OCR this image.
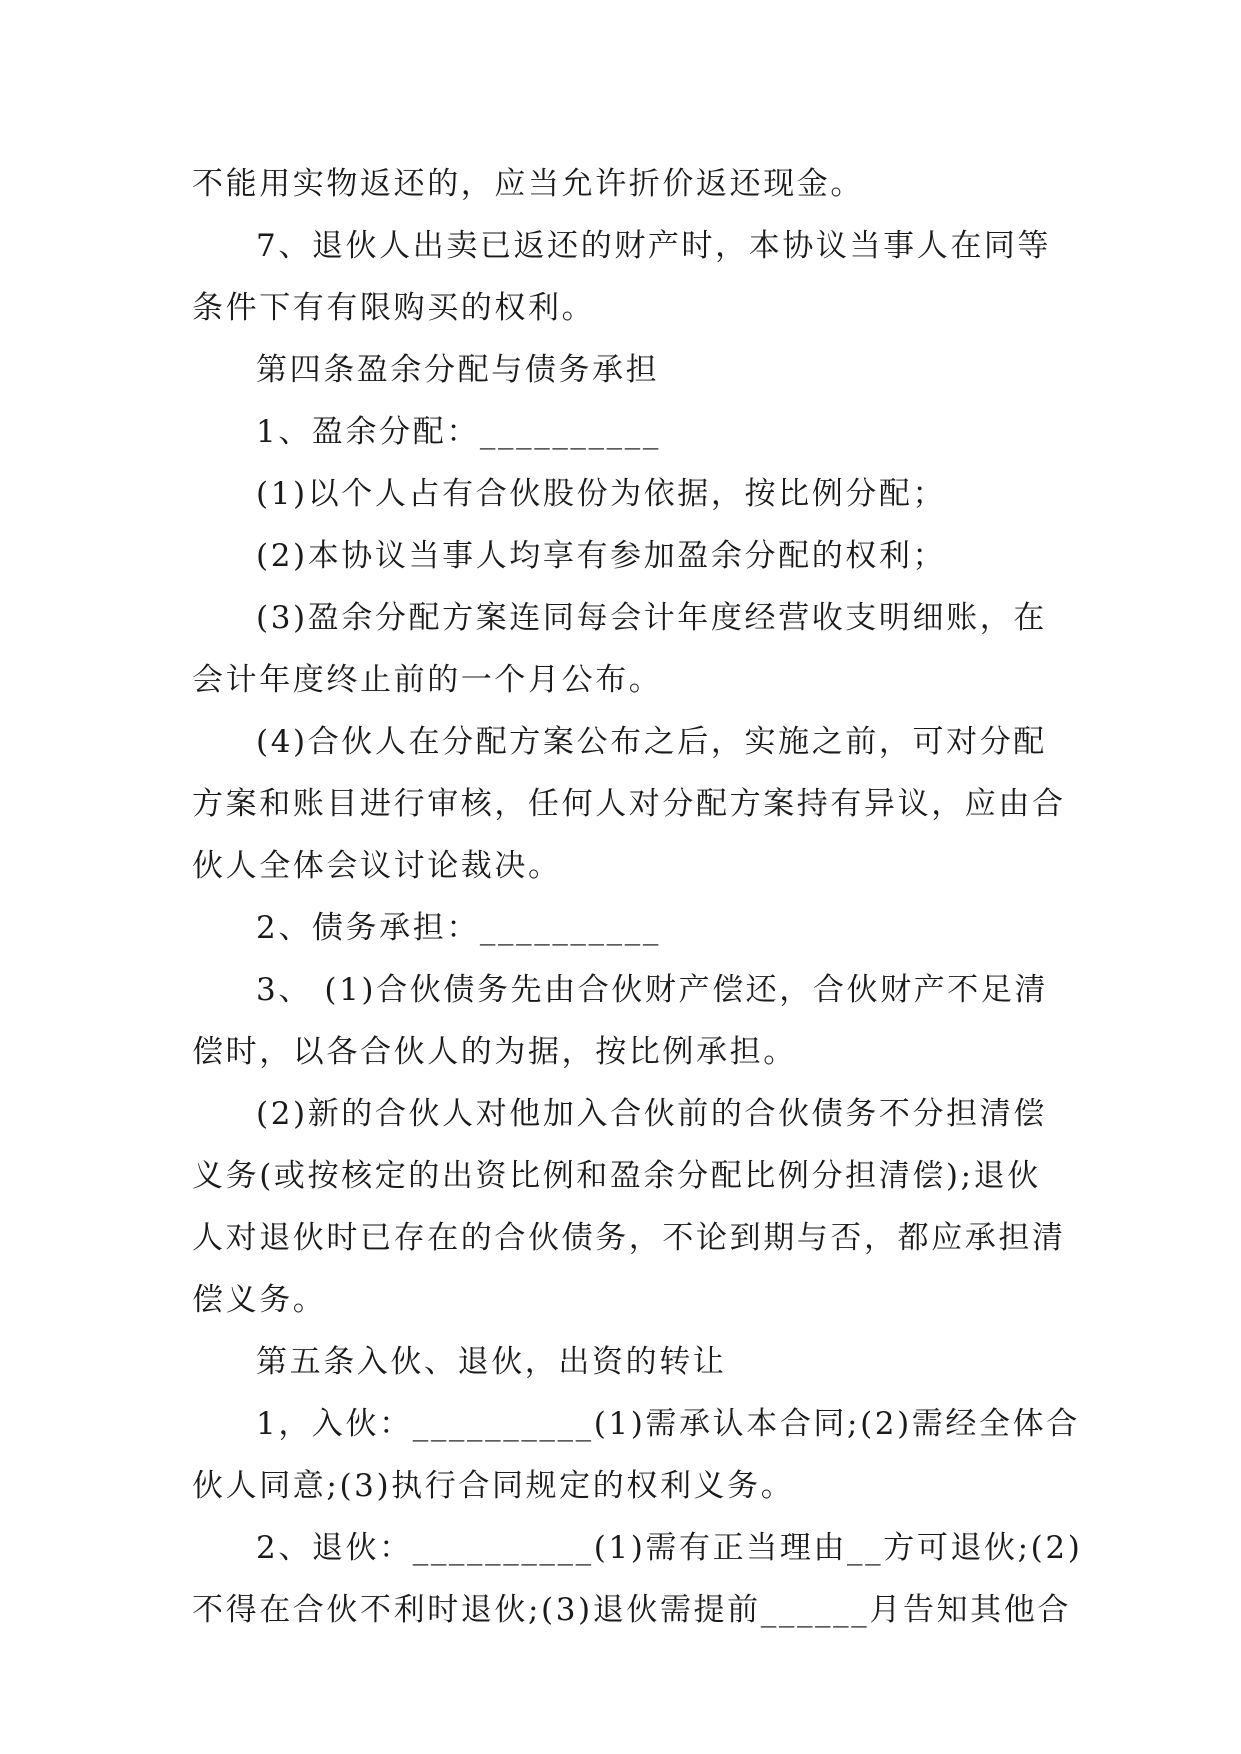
不能用实物返还的，应当允许折价返还现金。
7、退伙人出卖已返还的财产时，本协议当事人在同等
条件下有有限购买的权利。
第四条盈余分配与债务承担
1、盈余分配：__________
(1)以个人占有合伙股份为依据，按比例分配；
(2)本协议当事人均享有参加盈余分配的权利；
(3)盈余分配方案连同每会计年度经营收支明细账，在
会计年度终止前的一个月公布。
(4)合伙人在分配方案公布之后，实施之前，可对分配
方案和账目进行审核，任何人对分配方案持有异议，应由合
伙人全体会议讨论裁决。
2、债务承担：__________
3、 (1)合伙债务先由合伙财产偿还，合伙财产不足清
偿时，以各合伙人的为据，按比例承担。
(2)新的合伙人对他加入合伙前的合伙债务不分担清偿
义务(或按核定的出资比例和盈余分配比例分担清偿);退伙
人对退伙时已存在的合伙债务，不论到期与否，都应承担清
偿义务。
第五条入伙、退伙，出资的转让
1，入伙：__________(1)需承认本合同;(2)需经全体合
伙人同意;(3)执行合同规定的权利义务。
2、退伙：__________(1)需有正当理由__方可退伙;(2)
不得在合伙不利时退伙;(3)退伙需提前______月告知其他合
